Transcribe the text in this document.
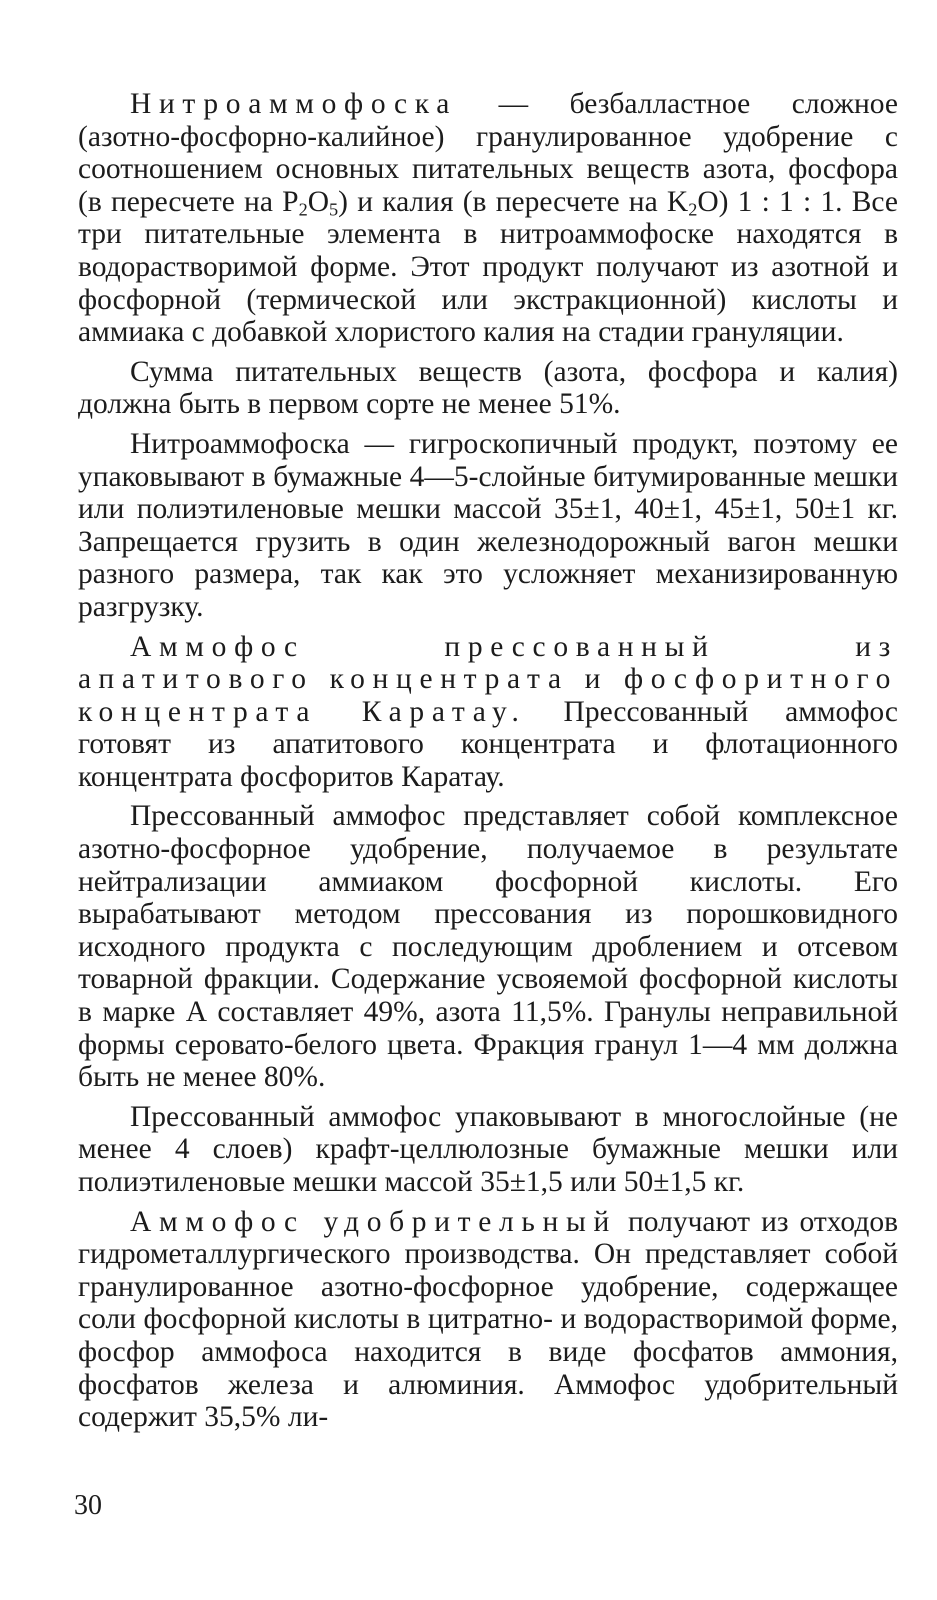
Нитроаммофоска — безбалластное сложное (азотно-фосфорно-калийное) гранулированное удобрение с соотношением основных питательных веществ азота, фосфора (в пересчете на $P_2O_5$) и калия (в пересчете на $K_2O$) 1 : 1 : 1. Все три питательные элемента в нитроаммофоске находятся в водорастворимой форме. Этот продукт получают из азотной и фосфорной (термической или экстракционной) кислоты и аммиака с добавкой хлористого калия на стадии грануляции.

Сумма питательных веществ (азота, фосфора и калия) должна быть в первом сорте не менее 51%.

Нитроаммофоска — гигроскопичный продукт, поэтому ее упаковывают в бумажные 4—5-слойные битумированные мешки или полиэтиленовые мешки массой 35±1, 40±1, 45±1, 50±1 кг. Запрещается грузить в один железнодорожный вагон мешки разного размера, так как это усложняет механизированную разгрузку.

Аммофос прессованный из апатитового концентрата и фосфоритного концентрата Каратау. Прессованный аммофос готовят из апатитового концентрата и флотационного концентрата фосфоритов Каратау.

Прессованный аммофос представляет собой комплексное азотно-фосфорное удобрение, получаемое в результате нейтрализации аммиаком фосфорной кислоты. Его вырабатывают методом прессования из порошковидного исходного продукта с последующим дроблением и отсевом товарной фракции. Содержание усвояемой фосфорной кислоты в марке А составляет 49%, азота 11,5%. Гранулы неправильной формы серовато-белого цвета. Фракция гранул 1—4 мм должна быть не менее 80%.

Прессованный аммофос упаковывают в многослойные (не менее 4 слоев) крафт-целлюлозные бумажные мешки или полиэтиленовые мешки массой 35±1,5 или 50±1,5 кг.

Аммофос удобрительный получают из отходов гидрометаллургического производства. Он представляет собой гранулированное азотно-фосфорное удобрение, содержащее соли фосфорной кислоты в цитратно- и водорастворимой форме, фосфор аммофоса находится в виде фосфатов аммония, фосфатов железа и алюминия. Аммофос удобрительный содержит 35,5% ли-

30
